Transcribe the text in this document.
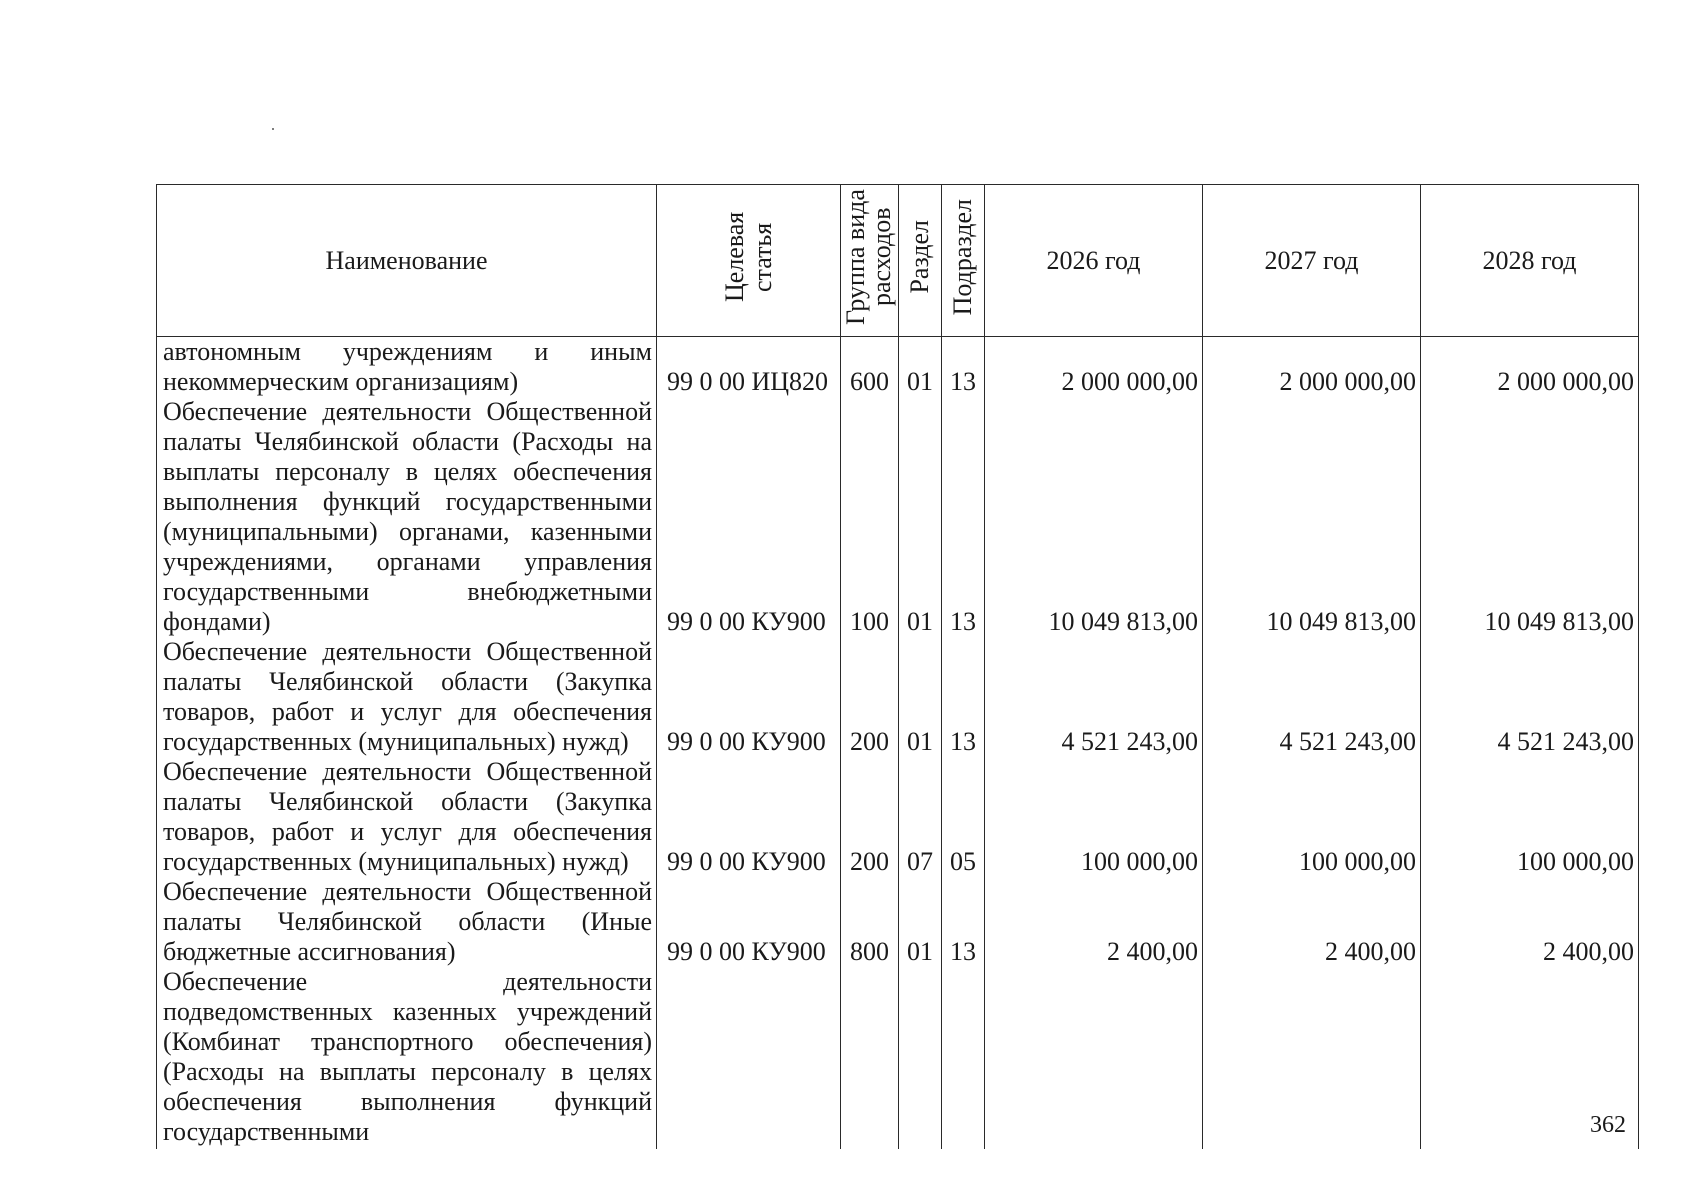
Наименование	Целевая статья	Группа вида расходов	Раздел	Подраздел	2026 год	2027 год	2028 год
автономным учреждениям и иным некоммерческим организациям)	99 0 00 ИЦ820	600	01	13	2 000 000,00	2 000 000,00	2 000 000,00
Обеспечение деятельности Общественной палаты Челябинской области (Расходы на выплаты персоналу в целях обеспечения выполнения функций государственными (муниципальными) органами, казенными учреждениями, органами управления государственными внебюджетными фондами)	99 0 00 КУ900	100	01	13	10 049 813,00	10 049 813,00	10 049 813,00
Обеспечение деятельности Общественной палаты Челябинской области (Закупка товаров, работ и услуг для обеспечения государственных (муниципальных) нужд)	99 0 00 КУ900	200	01	13	4 521 243,00	4 521 243,00	4 521 243,00
Обеспечение деятельности Общественной палаты Челябинской области (Закупка товаров, работ и услуг для обеспечения государственных (муниципальных) нужд)	99 0 00 КУ900	200	07	05	100 000,00	100 000,00	100 000,00
Обеспечение деятельности Общественной палаты Челябинской области (Иные бюджетные ассигнования)	99 0 00 КУ900	800	01	13	2 400,00	2 400,00	2 400,00
Обеспечение деятельности подведомственных казенных учреждений (Комбинат транспортного обеспечения) (Расходы на выплаты персоналу в целях обеспечения выполнения функций государственными							
								362
